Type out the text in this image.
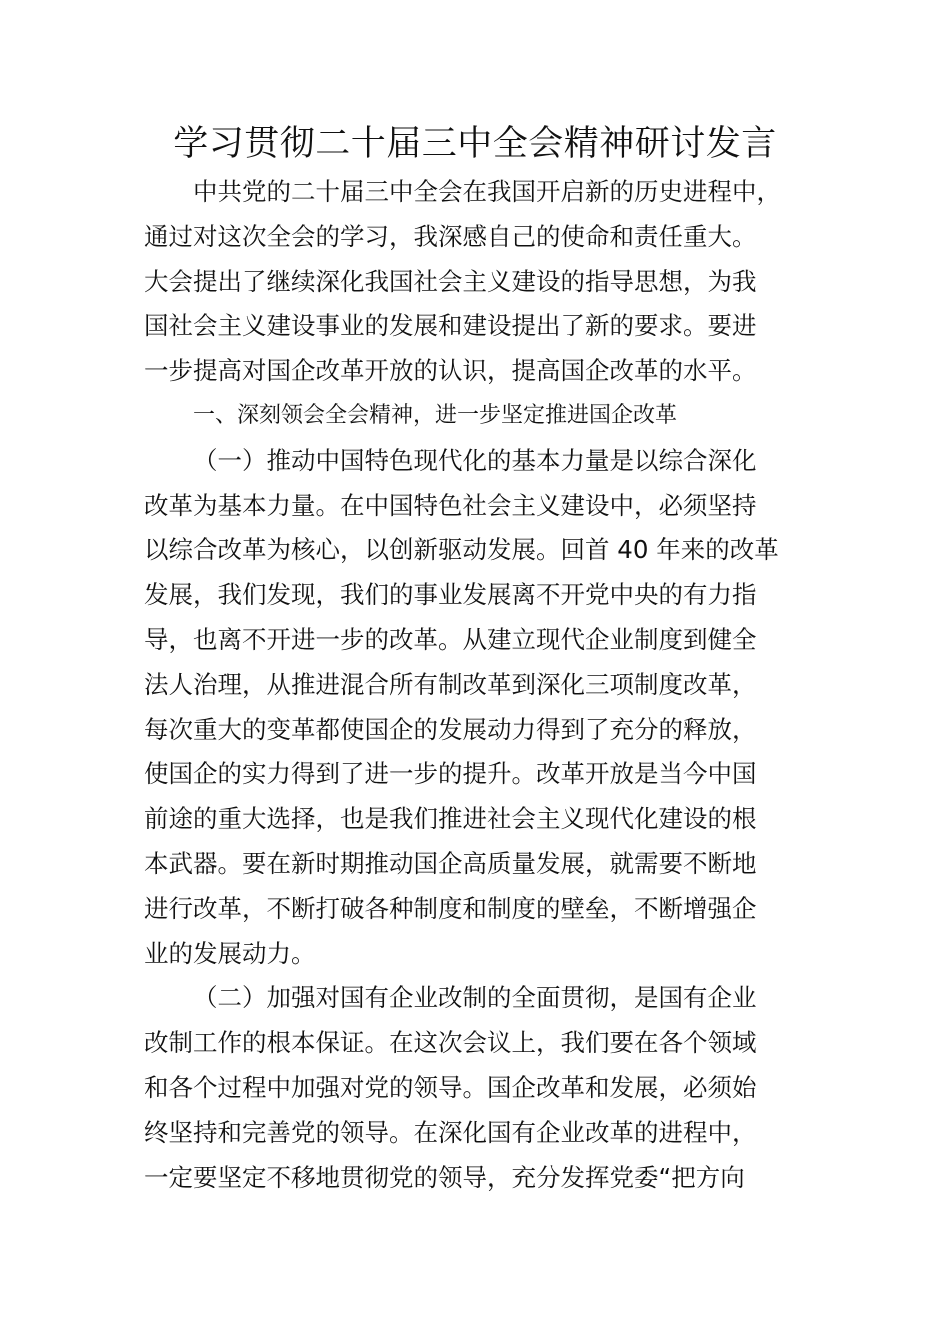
学习贯彻二十届三中全会精神研讨发言
中共党的二十届三中全会在我国开启新的历史进程中，
通过对这次全会的学习，我深感自己的使命和责任重大。
大会提出了继续深化我国社会主义建设的指导思想，为我
国社会主义建设事业的发展和建设提出了新的要求。要进
一步提高对国企改革开放的认识，提高国企改革的水平。
一、深刻领会全会精神，进一步坚定推进国企改革
（一）推动中国特色现代化的基本力量是以综合深化
改革为基本力量。在中国特色社会主义建设中，必须坚持
以综合改革为核心，以创新驱动发展。回首 40 年来的改革
发展，我们发现，我们的事业发展离不开党中央的有力指
导，也离不开进一步的改革。从建立现代企业制度到健全
法人治理，从推进混合所有制改革到深化三项制度改革，
每次重大的变革都使国企的发展动力得到了充分的释放，
使国企的实力得到了进一步的提升。改革开放是当今中国
前途的重大选择，也是我们推进社会主义现代化建设的根
本武器。要在新时期推动国企高质量发展，就需要不断地
进行改革，不断打破各种制度和制度的壁垒，不断增强企
业的发展动力。
（二）加强对国有企业改制的全面贯彻，是国有企业
改制工作的根本保证。在这次会议上，我们要在各个领域
和各个过程中加强对党的领导。国企改革和发展，必须始
终坚持和完善党的领导。在深化国有企业改革的进程中，
一定要坚定不移地贯彻党的领导，充分发挥党委“把方向
